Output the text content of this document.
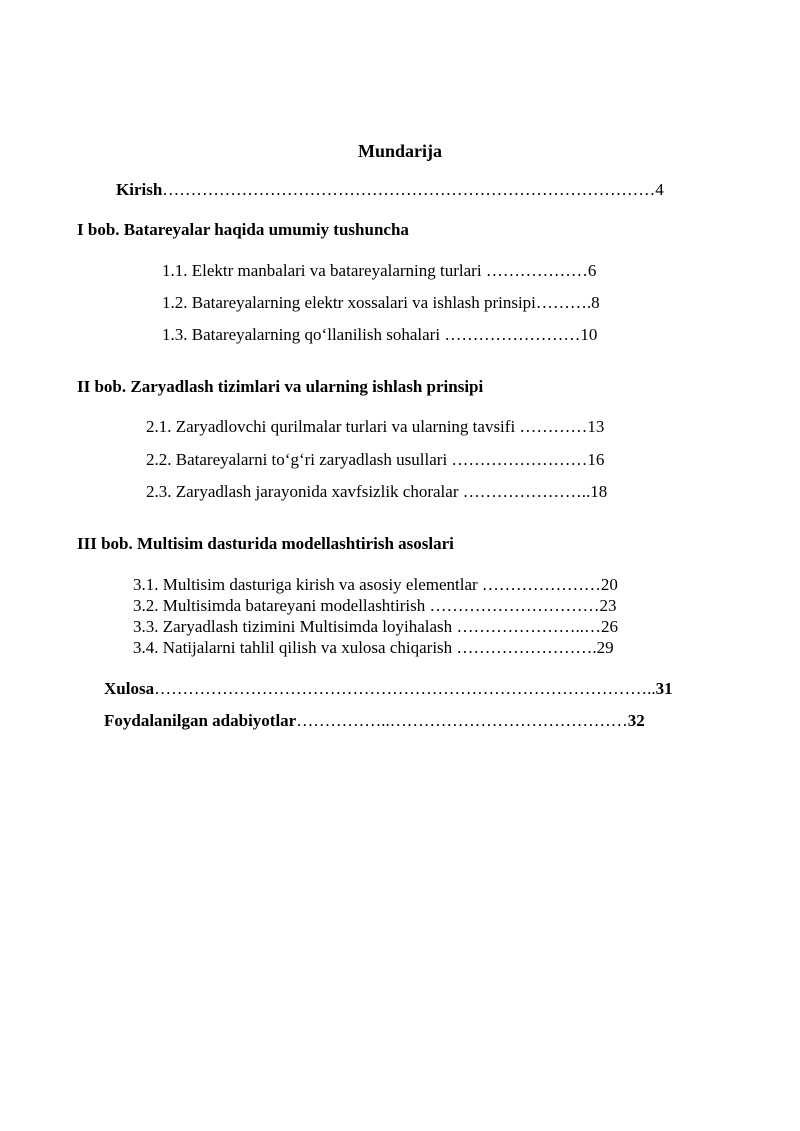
Mundarija
Kirish……………………………………………………………………………4
I bob. Batareyalar haqida umumiy tushuncha
1.1. Elektr manbalari va batareyalarning turlari ………………6
1.2. Batareyalarning elektr xossalari va ishlash prinsipi……….8
1.3. Batareyalarning qo‘llanilish sohalari ……………………10
II bob. Zaryadlash tizimlari va ularning ishlash prinsipi
2.1. Zaryadlovchi qurilmalar turlari va ularning tavsifi …………13
2.2. Batareyalarni to‘g‘ri zaryadlash usullari ……………………16
2.3. Zaryadlash jarayonida xavfsizlik choralar …………………..18
III bob. Multisim dasturida modellashtirish asoslari
3.1. Multisim dasturiga kirish va asosiy elementlar …………………20
3.2. Multisimda batareyani modellashtirish …………………………23
3.3. Zaryadlash tizimini Multisimda loyihalash …………………..…26
3.4. Natijalarni tahlil qilish va xulosa chiqarish …………………….29
Xulosa……………………………………………………………………………..31
Foydalanilgan adabiyotlar……………..……………………………………32
